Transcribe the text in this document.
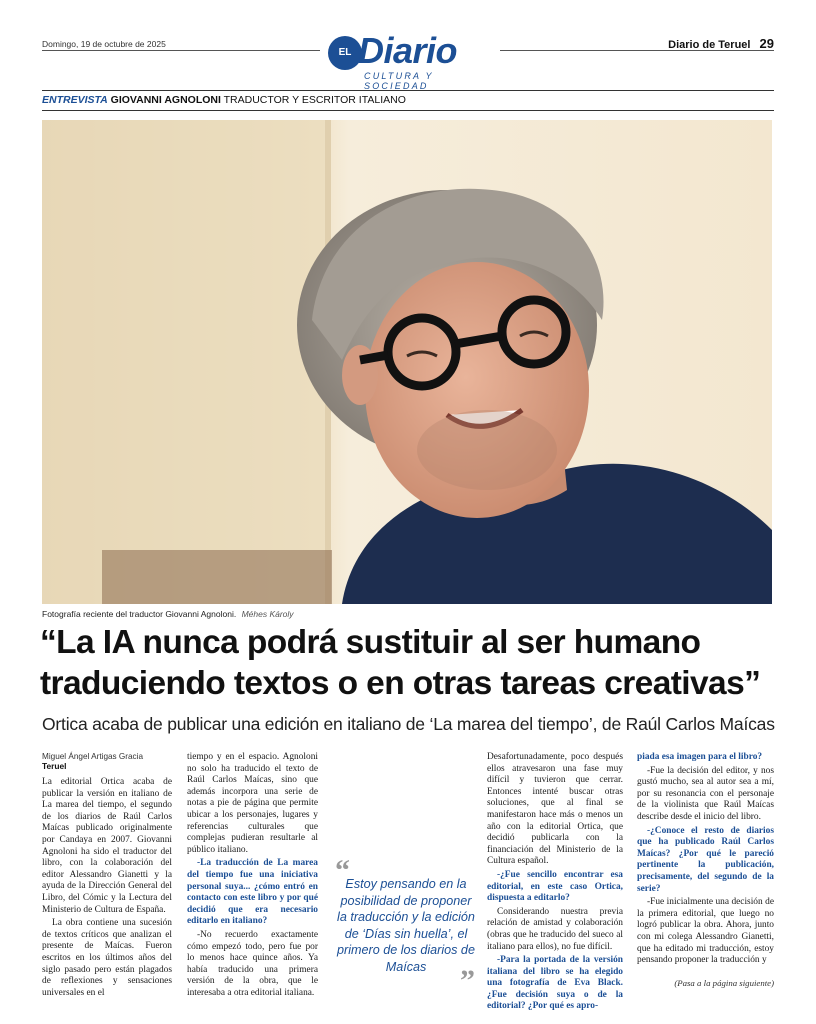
Domingo, 19 de octubre de 2025
EL Diario
CULTURA Y SOCIEDAD
Diario de Teruel 29
ENTREVISTA GIOVANNI AGNOLONI TRADUCTOR Y ESCRITOR ITALIANO
Fotografía reciente del traductor Giovanni Agnoloni. Méhes Károly
“La IA nunca podrá sustituir al ser humano traduciendo textos o en otras tareas creativas”
Ortica acaba de publicar una edición en italiano de ‘La marea del tiempo’, de Raúl Carlos Maícas
Miguel Ángel Artigas Gracia
Teruel

La editorial Ortica acaba de publicar la versión en italiano de La marea del tiempo, el segundo de los diarios de Raúl Carlos Maícas publicado originalmente por Candaya en 2007. Giovanni Agnoloni ha sido el traductor del libro, con la colaboración del editor Alessandro Gianetti y la ayuda de la Dirección General del Libro, del Cómic y la Lectura del Ministerio de Cultura de España.

La obra contiene una sucesión de textos críticos que analizan el presente de Maícas. Fueron escritos en los últimos años del siglo pasado pero están plagados de reflexiones y sensaciones universales en el

tiempo y en el espacio. Agnoloni no solo ha traducido el texto de Raúl Carlos Maícas, sino que además incorpora una serie de notas a pie de página que permite ubicar a los personajes, lugares y referencias culturales que complejas pudieran resultarle al público italiano.

-La traducción de La marea del tiempo fue una iniciativa personal suya... ¿cómo entró en contacto con este libro y por qué decidió que era necesario editarlo en italiano?

-No recuerdo exactamente cómo empezó todo, pero fue por lo menos hace quince años. Ya había traducido una primera versión de la obra, que le interesaba a otra editorial italiana.

“
Estoy pensando en la posibilidad de proponer la traducción y la edición de ‘Días sin huella’, el primero de los diarios de Maícas	”

Desafortunadamente, poco después ellos atravesaron una fase muy difícil y tuvieron que cerrar. Entonces intenté buscar otras soluciones, que al final se manifestaron hace más o menos un año con la editorial Ortica, que decidió publicarla con la financiación del Ministerio de la Cultura español.

-¿Fue sencillo encontrar esa editorial, en este caso Ortica, dispuesta a editarlo?

Considerando nuestra previa relación de amistad y colaboración (obras que he traducido del sueco al italiano para ellos), no fue difícil.

-Para la portada de la versión italiana del libro se ha elegido una fotografía de Eva Black. ¿Fue decisión suya o de la editorial? ¿Por qué es apro-

piada esa imagen para el libro?

-Fue la decisión del editor, y nos gustó mucho, sea al autor sea a mí, por su resonancia con el personaje de la violinista que Raúl Maícas describe desde el inicio del libro.

-¿Conoce el resto de diarios que ha publicado Raúl Carlos Maícas? ¿Por qué le pareció pertinente la publicación, precisamente, del segundo de la serie?

-Fue inicialmente una decisión de la primera editorial, que luego no logró publicar la obra. Ahora, junto con mi colega Alessandro Gianetti, que ha editado mi traducción, estoy pensando proponer la traducción y

(Pasa a la página siguiente)
